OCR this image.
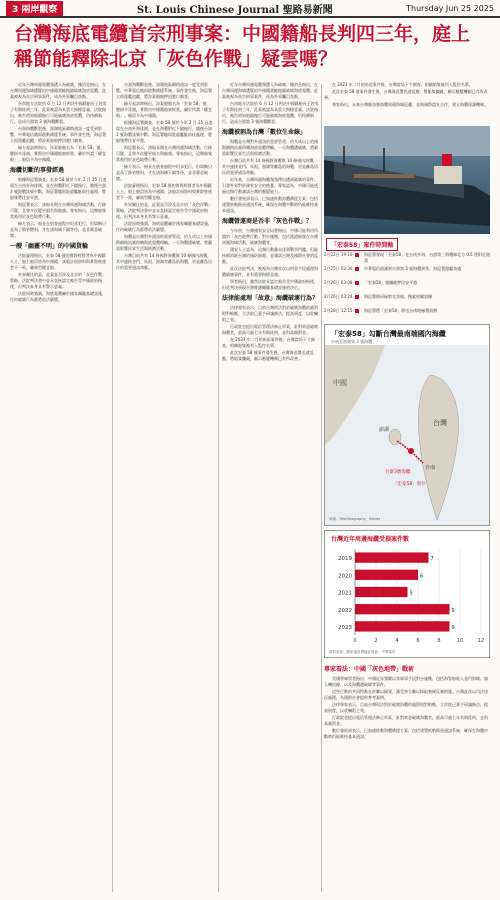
3 兩岸觀察	St. Louis Chinese Journal 聖路易新聞	Thursday Jun 25 2025
台灣海底電纜首宗刑事案：中國籍船長判四三年，庭上稱節能釋除北京「灰色作戰」疑雲嗎？

近年台灣周邊電纜頻遭人為破壞，據消息指出，在台灣周邊海域遭疑似中國籍貨輪拖錨破壞海底電纜。此案被視為首宗刑事案件，成為外界矚目焦點。

台南地方法院於 6 月 12 日判決中國籍船長王姓男子有期徒刑三年，此案被認為具重大指標意義。法院指出，被告明知船錨拖行可能破壞海底電纜，仍持續航行，造成台澎第 3 號海纜斷裂。

台澎海纜斷裂後，澎湖地區網路通訊一度受到影響，中華電信隨即啟動備援系統。事件發生後，海巡署立即派艦追蹤，將涉案船舶押回港口調查。

檢方起訴時指出，涉案船舶名為「宏泰 58」號，懸掛多哥旗，實際由中國籍船東經營，屬於所謂「權宜船」。船員多為中國籍。

海纜切斷的事發經過

根據海巡署調查，宏泰 58 號於今年 2 月 25 日凌晨在台南外海徘徊，並在海纜附近下錨拖行，隨後台澎 3 號海纜訊號中斷。海巡署隨即派遣艦艇前往處理，將船隻帶往安平港。

海巡署表示，該船長期在台灣周邊海域活動，行跡可疑，且曾多次變更船名與船旗。專家指出，這類船隻常被用於灰色地帶行動。

檢方表示，船長在偵查過程中坦承犯行，但辯稱只是為了節省燃料，才在該海域下錨等待，並非蓄意破壞。

一艘「幽靈不明」的中國貨輪

法院審理指出，宏泰 58 號的實際經營者為中國籍人士，船上船員皆為中國籍，該船註冊資料與實際營運者不一致，屬典型權宜船。

外界關注的是，此案是否涉及北京的「灰色作戰」策略。法院判決書中並未直接認定被告受中國政府指使，但判決本身具有警示意義。

法院同時強調，海底電纜屬於國家關鍵基礎設施，任何破壞行為都將依法嚴懲。

台澎海纜斷裂後，澎湖地區網路通訊一度受到影響，中華電信隨即啟動備援系統。事件發生後，海巡署立即派艦追蹤，將涉案船舶押回港口調查。

檢方起訴時指出，涉案船舶名為「宏泰 58」號，懸掛多哥旗，實際由中國籍船東經營，屬於所謂「權宜船」。船員多為中國籍。

根據海巡署調查，宏泰 58 號於今年 2 月 25 日凌晨在台南外海徘徊，並在海纜附近下錨拖行，隨後台澎 3 號海纜訊號中斷。海巡署隨即派遣艦艇前往處理，將船隻帶往安平港。

海巡署表示，該船長期在台灣周邊海域活動，行跡可疑，且曾多次變更船名與船旗。專家指出，這類船隻常被用於灰色地帶行動。

檢方表示，船長在偵查過程中坦承犯行，但辯稱只是為了節省燃料，才在該海域下錨等待，並非蓄意破壞。

法院審理指出，宏泰 58 號的實際經營者為中國籍人士，船上船員皆為中國籍，該船註冊資料與實際營運者不一致，屬典型權宜船。

外界關注的是，此案是否涉及北京的「灰色作戰」策略。法院判決書中並未直接認定被告受中國政府指使，但判決本身具有警示意義。

法院同時強調，海底電纜屬於國家關鍵基礎設施，任何破壞行為都將依法嚴懲。

海纜是台灣對外通訊的重要管道，約九成以上的國際網路流量仰賴海底電纜傳輸。一旦海纜遭破壞，將嚴重影響民眾生活與經濟活動。

台灣目前共有 14 條國際海纜與 10 條國內海纜，其中連接金門、馬祖、澎湖等離島的海纜，更是離島居民的重要通訊命脈。

近年台灣周邊電纜頻遭人為破壞，據消息指出，在台灣周邊海域遭疑似中國籍貨輪拖錨破壞海底電纜。此案被視為首宗刑事案件，成為外界矚目焦點。

台南地方法院於 6 月 12 日判決中國籍船長王姓男子有期徒刑三年，此案被認為具重大指標意義。法院指出，被告明知船錨拖行可能破壞海底電纜，仍持續航行，造成台澎第 3 號海纜斷裂。

海纜被割為台灣「數位生命線」

海纜是台灣對外通訊的重要管道，約九成以上的國際網路流量仰賴海底電纜傳輸。一旦海纜遭破壞，將嚴重影響民眾生活與經濟活動。

台灣目前共有 14 條國際海纜與 10 條國內海纜，其中連接金門、馬祖、澎湖等離島的海纜，更是離島居民的重要通訊命脈。

近年來，台灣周邊海纜頻頻傳出遭到破壞的事件，引發外界對於國家安全的擔憂。專家認為，中國可能透過這類行動測試台灣的應變能力。

數位發展部表示，已加速推動海纜備援方案，包括建置低軌衛星通訊系統，確保在海纜中斷時仍能維持基本通訊。

海纜營運商是否非「灰色作戰」？

今年初，台灣國家安全局曾指出，中國可能利用所謂的「灰色地帶行動」對台施壓，包括派遣船隻在台灣周邊海域活動、破壞海纜等。

國安人士認為，這類行動雖未達到戰爭門檻，但能持續消耗台灣的國防資源，並測試台灣及國際社會的反應。

此次法院判決，被視為台灣首次以刑事手段處理海纜破壞事件，具有重要指標意義。

學者指出，雖然法院未認定被告受中國政府指使，但此判決展現台灣維護關鍵基礎設施的決心。

法律能處理「故意」海纜破壞行為？

法律專家表示，目前台灣刑法對於破壞海纜的處罰相對較輕，立法院已著手研議修法，提高刑度，以收嚇阻之效。

行政院也提出電信管理法修正草案，針對故意破壞海纜者，最高可處七年有期徒刑，並科高額罰金。

在 2023 年二月的馬祖事件後，台灣當局下令調查，相關船隻被列入監控名單。

此次宏泰 58 號事件發生後，台灣海巡署迅速反應，將船隻攔截，顯示應變機制已有所改善。

在 2023 年二月的馬祖事件後，台灣當局下令調查，相關船隻被列入監控名單。

此次宏泰 58 號事件發生後，台灣海巡署迅速反應，將船隻攔截，顯示應變機制已有所改善。

專家指出，未來台灣應加強海纜周邊海域巡邏，並與國際盟友合作，建立海纜保護機制。

「宏泰58」案件時間軸
2月22日 19:10	海巡署發現「宏泰58」在台南外海、台澎第三海纜線北方 0.5 浬附近遊蕩
2月25日 02:30	中華電信偵測到台澎第 3 號海纜異常，海巡署派艦查處
2月26日 03:08	「宏泰58」被攔截押回安平港
2月26日 03:24	海巡署偕同檢察官登船，搜索相關證據
2月28日 12:15	海巡署將「宏泰58」移送台南地檢署偵辦
「宏泰58」勾斷台灣最南端國內海纜
台南至澎湖第 3 號海纜
台灣
澎湖
台南
中國
台澎3號海纜
「宏泰58」船位
來源：TeleGeography、Kepler
台灣近年周邊海纜受損案件數
0	2	4	6	8	10	12
2019	7
2020	6
2021	5
2022	9
2023	9
資料來源：國家通訊傳播委員會、中華電信
專家看法：中國「灰色地帶」戰術

美國智庫學者指出，中國近年頻繁以非軍事手段對台施壓，包括海警船進入金門海域、無人機侵擾、以及海纜遭破壞等事件。

這些行動的共同特點在於難以歸責，讓受害方難以採取強硬反制措施。台灣此次以司法途徑處理，為國際社會提供參考案例。

法律專家表示，目前台灣刑法對於破壞海纜的處罰相對較輕，立法院已著手研議修法，提高刑度，以收嚇阻之效。

行政院也提出電信管理法修正草案，針對故意破壞海纜者，最高可處七年有期徒刑，並科高額罰金。

數位發展部表示，已加速推動海纜備援方案，包括建置低軌衛星通訊系統，確保在海纜中斷時仍能維持基本通訊。
